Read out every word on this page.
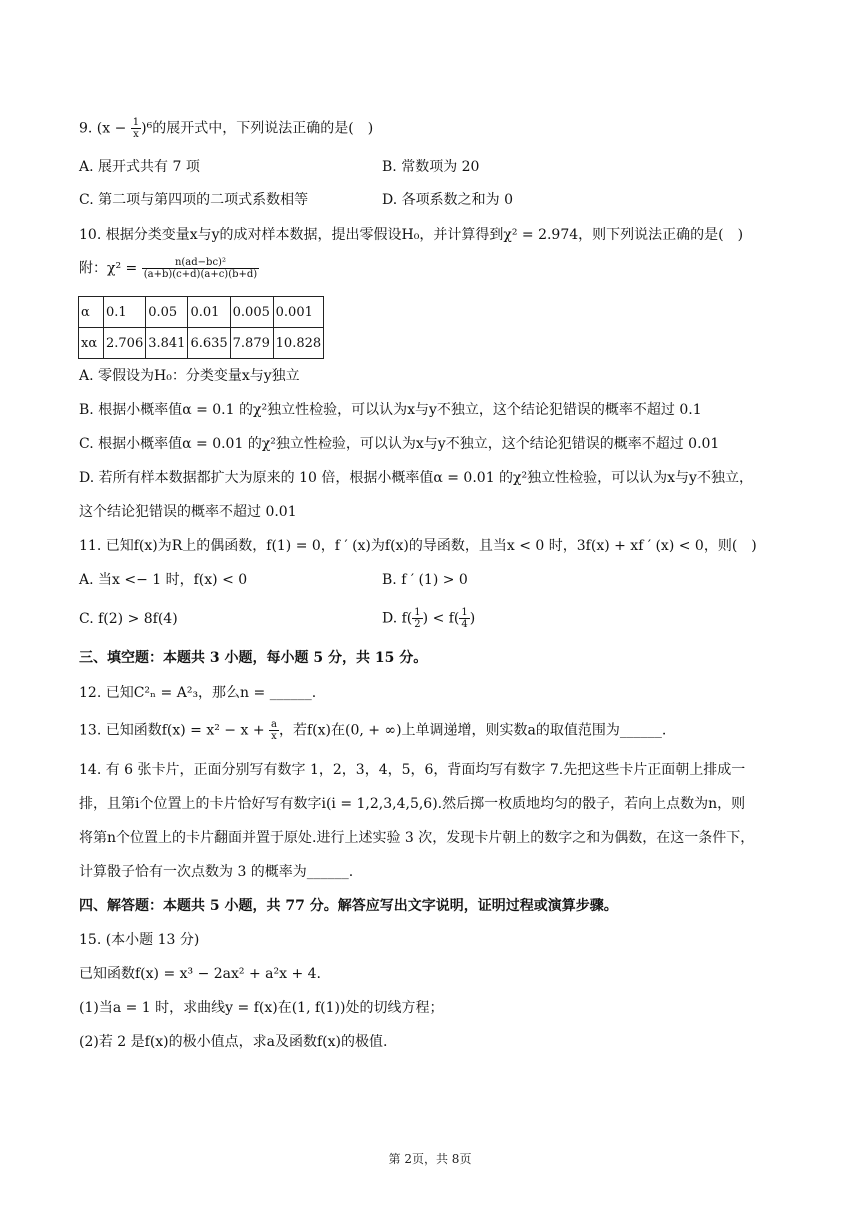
9. $(x - \frac{1}{x} )^6$的展开式中，下列说法正确的是(　)
A. 展开式共有 7 项	B. 常数项为 20
C. 第二项与第四项的二项式系数相等	D. 各项系数之和为 0
10. 根据分类变量x与y的成对样本数据，提出零假设H₀，并计算得到χ² = 2.974，则下列说法正确的是(　)
附：$\chi^2 = \frac{\text{n(ad−bc)²}}{(a+b)(c+d)(a+c)(b+d)}$
α	0.1	0.05	0.01	0.005	0.001
xα	2.706	3.841	6.635	7.879	10.828
A. 零假设为H₀：分类变量x与y独立
B. 根据小概率值α = 0.1 的χ²独立性检验，可以认为x与y不独立，这个结论犯错误的概率不超过 0.1
C. 根据小概率值α = 0.01 的χ²独立性检验，可以认为x与y不独立，这个结论犯错误的概率不超过 0.01
D. 若所有样本数据都扩大为原来的 10 倍，根据小概率值α = 0.01 的χ²独立性检验，可以认为x与y不独立，
这个结论犯错误的概率不超过 0.01
11. 已知f(x)为R上的偶函数，f(1) = 0，f ′ (x)为f(x)的导函数，且当x < 0 时，3f(x) + xf ′ (x) < 0，则(　)
A. 当x <− 1 时，f(x) < 0	B. f ′ (1) > 0
C. f(2) > 8f(4)	D. $f( \frac{1}{2}$ ) < $f( \frac{1}{4}$ )
三、填空题：本题共 3 小题，每小题 5 分，共 15 分。
12. 已知C²ₙ = A²₃，那么n = ______.
13. 已知函数$f(x) = x^2 - x + \frac{a}{x}$ ，若f(x)在(0, + ∞)上单调递增，则实数a的取值范围为______.
14. 有 6 张卡片，正面分别写有数字 1，2，3，4，5，6，背面均写有数字 7.先把这些卡片正面朝上排成一
排，且第i个位置上的卡片恰好写有数字i(i = 1,2,3,4,5,6).然后掷一枚质地均匀的骰子，若向上点数为n，则
将第n个位置上的卡片翻面并置于原处.进行上述实验 3 次，发现卡片朝上的数字之和为偶数，在这一条件下，
计算骰子恰有一次点数为 3 的概率为______.
四、解答题：本题共 5 小题，共 77 分。解答应写出文字说明，证明过程或演算步骤。
15. (本小题 13 分)
已知函数f(x) = x³ − 2ax² + a²x + 4.
(1)当a = 1 时，求曲线y = f(x)在(1, f(1))处的切线方程；
(2)若 2 是f(x)的极小值点，求a及函数f(x)的极值.
第 2页，共 8页
